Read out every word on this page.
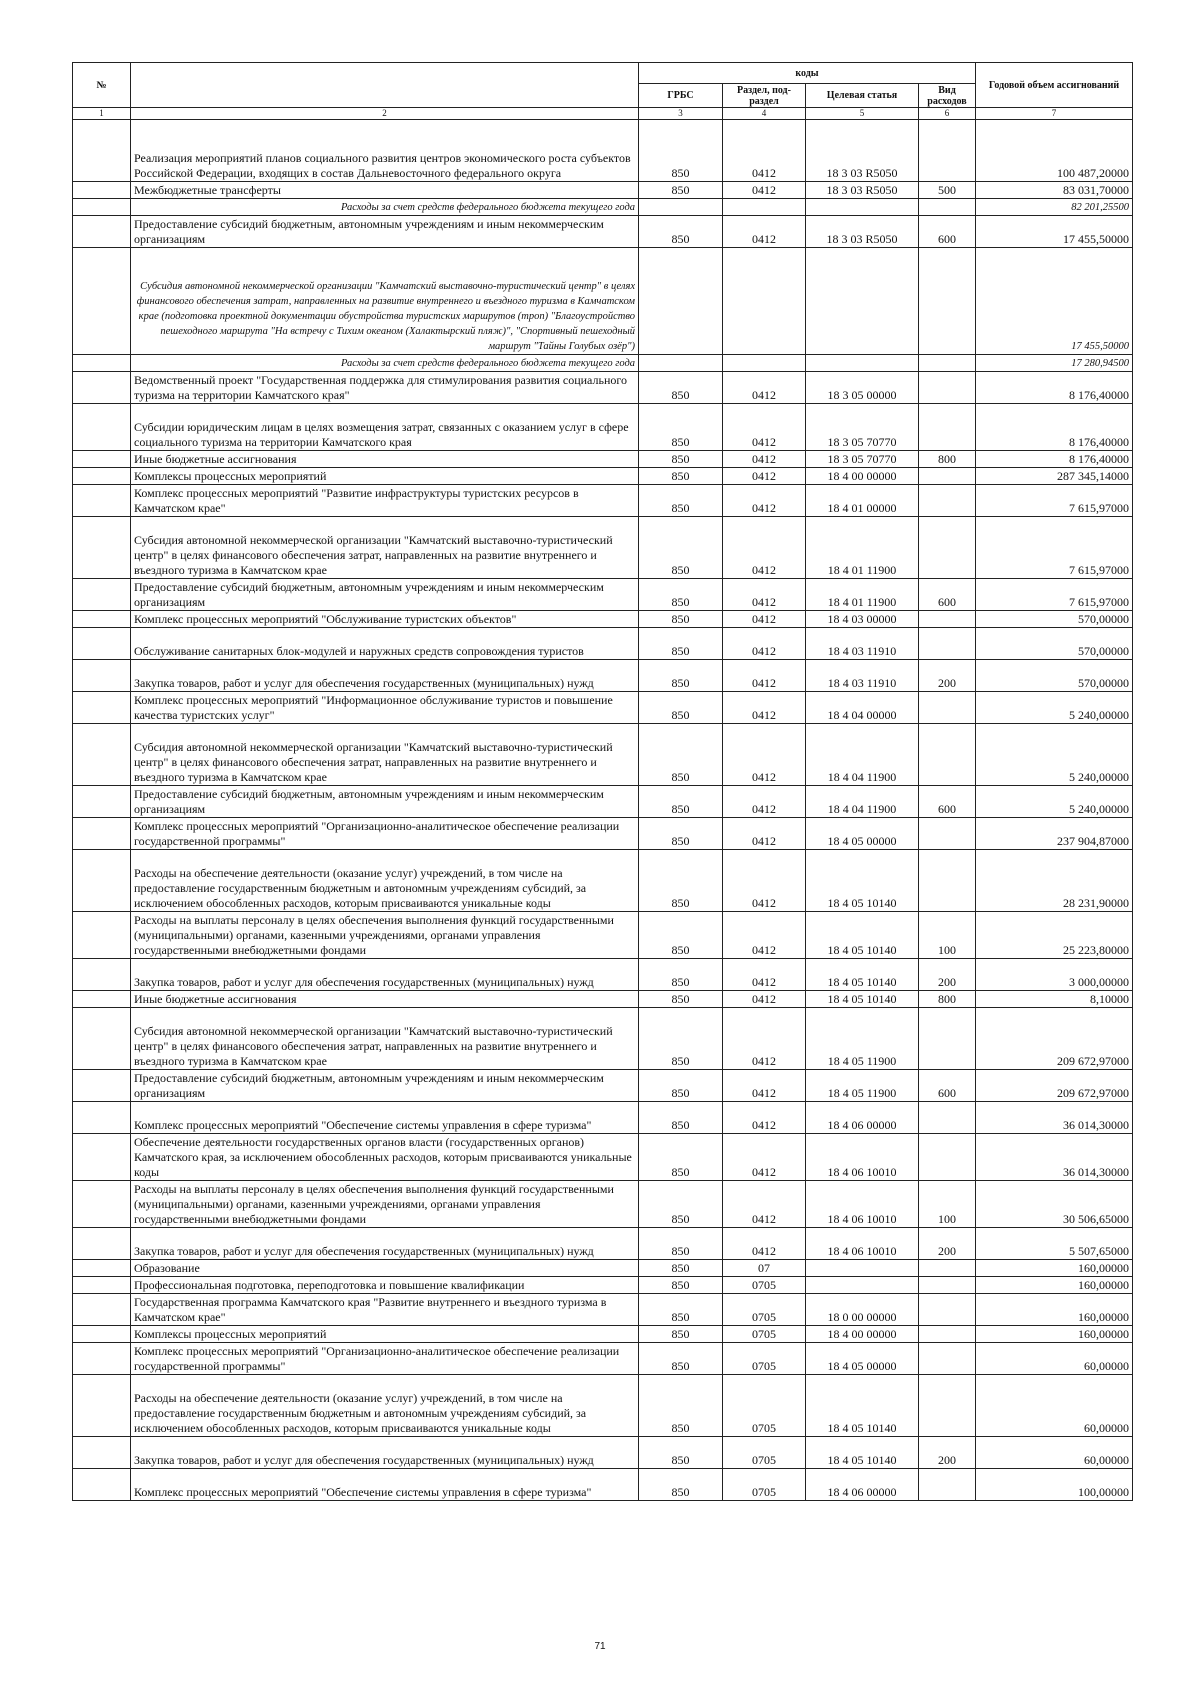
№		коды				Годовой объем ассигнований
		ГРБС	Раздел, под-раздел	Целевая статья	Вид расходов	
1	2	3	4	5	6	7
	Реализация мероприятий планов социального развития центров экономического роста субъектов Российской Федерации, входящих в состав Дальневосточного федерального округа	850	0412	18 3 03 R5050		100 487,20000
	Межбюджетные трансферты	850	0412	18 3 03 R5050	500	83 031,70000
	Расходы за счет средств федерального бюджета текущего года					82 201,25500
	Предоставление субсидий бюджетным, автономным учреждениям и иным некоммерческим организациям	850	0412	18 3 03 R5050	600	17 455,50000
	Субсидия автономной некоммерческой организации "Камчатский выставочно-туристический центр" в целях финансового обеспечения затрат, направленных на развитие внутреннего и въездного туризма в Камчатском крае (подготовка проектной документации обустройства туристских маршрутов (троп) "Благоустройство пешеходного маршрута "На встречу с Тихим океаном (Халактырский пляж)", "Спортивный пешеходный маршрут "Тайны Голубых озёр")					17 455,50000
	Расходы за счет средств федерального бюджета текущего года					17 280,94500
	Ведомственный проект "Государственная поддержка для стимулирования развития социального туризма на территории Камчатского края"	850	0412	18 3 05 00000		8 176,40000
	Субсидии юридическим лицам в целях возмещения затрат, связанных с оказанием услуг в сфере социального туризма на территории Камчатского края	850	0412	18 3 05 70770		8 176,40000
	Иные бюджетные ассигнования	850	0412	18 3 05 70770	800	8 176,40000
	Комплексы процессных мероприятий	850	0412	18 4 00 00000		287 345,14000
	Комплекс процессных мероприятий "Развитие инфраструктуры туристских ресурсов в Камчатском крае"	850	0412	18 4 01 00000		7 615,97000
	Субсидия автономной некоммерческой организации "Камчатский выставочно-туристический центр" в целях финансового обеспечения затрат, направленных на развитие внутреннего и въездного туризма в Камчатском крае	850	0412	18 4 01 11900		7 615,97000
	Предоставление субсидий бюджетным, автономным учреждениям и иным некоммерческим организациям	850	0412	18 4 01 11900	600	7 615,97000
	Комплекс процессных мероприятий "Обслуживание туристских объектов"	850	0412	18 4 03 00000		570,00000
	Обслуживание санитарных блок-модулей и наружных средств сопровождения туристов	850	0412	18 4 03 11910		570,00000
	Закупка товаров, работ и услуг для обеспечения государственных (муниципальных) нужд	850	0412	18 4 03 11910	200	570,00000
	Комплекс процессных мероприятий "Информационное обслуживание туристов и повышение качества туристских услуг"	850	0412	18 4 04 00000		5 240,00000
	Субсидия автономной некоммерческой организации "Камчатский выставочно-туристический центр" в целях финансового обеспечения затрат, направленных на развитие внутреннего и въездного туризма в Камчатском крае	850	0412	18 4 04 11900		5 240,00000
	Предоставление субсидий бюджетным, автономным учреждениям и иным некоммерческим организациям	850	0412	18 4 04 11900	600	5 240,00000
	Комплекс процессных мероприятий "Организационно-аналитическое обеспечение реализации государственной программы"	850	0412	18 4 05 00000		237 904,87000
	Расходы на обеспечение деятельности (оказание услуг) учреждений, в том числе на предоставление государственным бюджетным и автономным учреждениям субсидий, за исключением обособленных расходов, которым присваиваются уникальные коды	850	0412	18 4 05 10140		28 231,90000
	Расходы на выплаты персоналу в целях обеспечения выполнения функций государственными (муниципальными) органами, казенными учреждениями, органами управления государственными внебюджетными фондами	850	0412	18 4 05 10140	100	25 223,80000
	Закупка товаров, работ и услуг для обеспечения государственных (муниципальных) нужд	850	0412	18 4 05 10140	200	3 000,00000
	Иные бюджетные ассигнования	850	0412	18 4 05 10140	800	8,10000
	Субсидия автономной некоммерческой организации "Камчатский выставочно-туристический центр" в целях финансового обеспечения затрат, направленных на развитие внутреннего и въездного туризма в Камчатском крае	850	0412	18 4 05 11900		209 672,97000
	Предоставление субсидий бюджетным, автономным учреждениям и иным некоммерческим организациям	850	0412	18 4 05 11900	600	209 672,97000
	Комплекс процессных мероприятий "Обеспечение системы управления в сфере туризма"	850	0412	18 4 06 00000		36 014,30000
	Обеспечение деятельности государственных органов власти (государственных органов) Камчатского края, за исключением обособленных расходов, которым присваиваются уникальные коды	850	0412	18 4 06 10010		36 014,30000
	Расходы на выплаты персоналу в целях обеспечения выполнения функций государственными (муниципальными) органами, казенными учреждениями, органами управления государственными внебюджетными фондами	850	0412	18 4 06 10010	100	30 506,65000
	Закупка товаров, работ и услуг для обеспечения государственных (муниципальных) нужд	850	0412	18 4 06 10010	200	5 507,65000
	Образование	850	07			160,00000
	Профессиональная подготовка, переподготовка и повышение квалификации	850	0705			160,00000
	Государственная программа Камчатского края "Развитие внутреннего и въездного туризма в Камчатском крае"	850	0705	18 0 00 00000		160,00000
	Комплексы процессных мероприятий	850	0705	18 4 00 00000		160,00000
	Комплекс процессных мероприятий "Организационно-аналитическое обеспечение реализации государственной программы"	850	0705	18 4 05 00000		60,00000
	Расходы на обеспечение деятельности (оказание услуг) учреждений, в том числе на предоставление государственным бюджетным и автономным учреждениям субсидий, за исключением обособленных расходов, которым присваиваются уникальные коды	850	0705	18 4 05 10140		60,00000
	Закупка товаров, работ и услуг для обеспечения государственных (муниципальных) нужд	850	0705	18 4 05 10140	200	60,00000
	Комплекс процессных мероприятий "Обеспечение системы управления в сфере туризма"	850	0705	18 4 06 00000		100,00000
71
